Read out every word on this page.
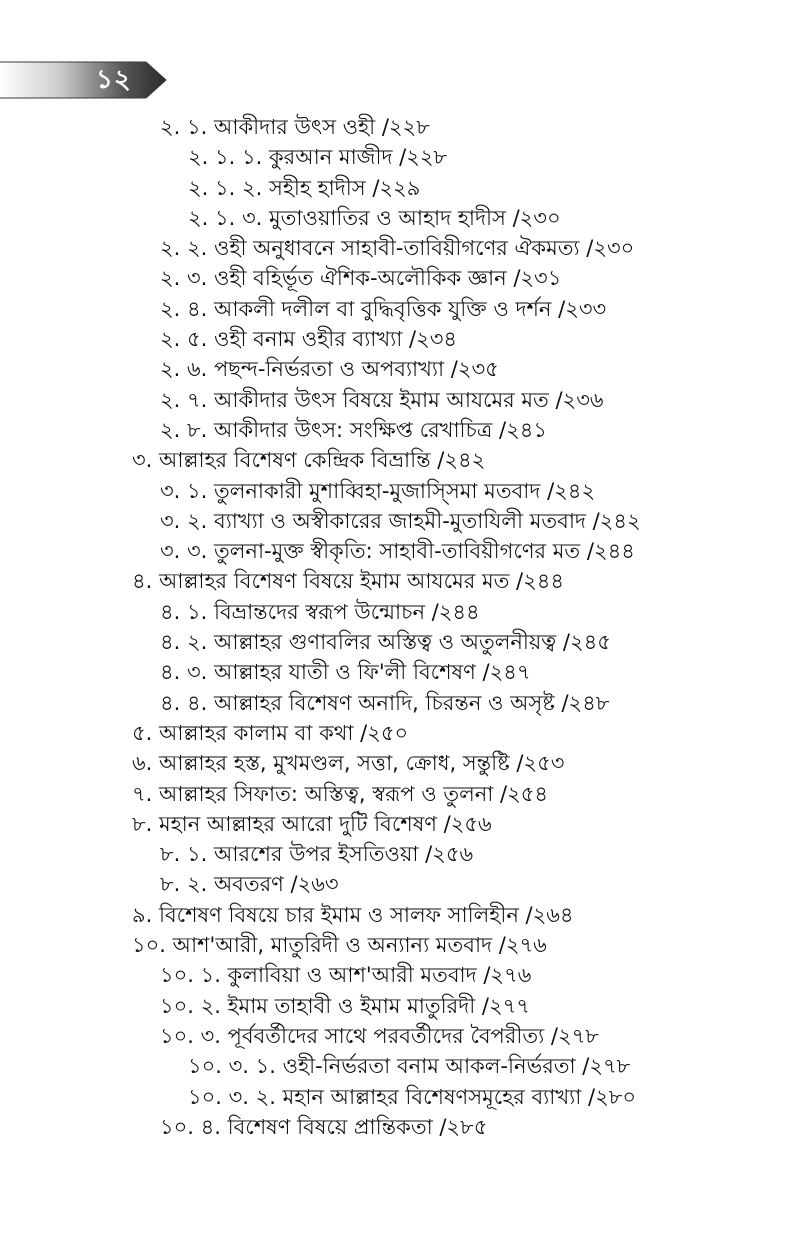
১২
২. ১. আকীদার উৎস ওহী /২২৮
২. ১. ১. কুরআন মাজীদ /২২৮
২. ১. ২. সহীহ হাদীস /২২৯
২. ১. ৩. মুতাওয়াতির ও আহাদ হাদীস /২৩০
২. ২. ওহী অনুধাবনে সাহাবী-তাবিয়ীগণের ঐকমত্য /২৩০
২. ৩. ওহী বহির্ভূত ঐশিক-অলৌকিক জ্ঞান /২৩১
২. ৪. আকলী দলীল বা বুদ্ধিবৃত্তিক যুক্তি ও দর্শন /২৩৩
২. ৫. ওহী বনাম ওহীর ব্যাখ্যা /২৩৪
২. ৬. পছন্দ-নির্ভরতা ও অপব্যাখ্যা /২৩৫
২. ৭. আকীদার উৎস বিষয়ে ইমাম আযমের মত /২৩৬
২. ৮. আকীদার উৎস: সংক্ষিপ্ত রেখাচিত্র /২৪১
৩. আল্লাহর বিশেষণ কেন্দ্রিক বিভ্রান্তি /২৪২
৩. ১. তুলনাকারী মুশাব্বিহা-মুজাস্সিমা মতবাদ /২৪২
৩. ২. ব্যাখ্যা ও অস্বীকারের জাহমী-মুতাযিলী মতবাদ /২৪২
৩. ৩. তুলনা-মুক্ত স্বীকৃতি: সাহাবী-তাবিয়ীগণের মত /২৪৪
৪. আল্লাহর বিশেষণ বিষয়ে ইমাম আযমের মত /২৪৪
৪. ১. বিভ্রান্তদের স্বরূপ উন্মোচন /২৪৪
৪. ২. আল্লাহর গুণাবলির অস্তিত্ব ও অতুলনীয়ত্ব /২৪৫
৪. ৩. আল্লাহর যাতী ও ফি'লী বিশেষণ /২৪৭
৪. ৪. আল্লাহর বিশেষণ অনাদি, চিরন্তন ও অসৃষ্ট /২৪৮
৫. আল্লাহর কালাম বা কথা /২৫০
৬. আল্লাহর হস্ত, মুখমণ্ডল, সত্তা, ক্রোধ, সন্তুষ্টি /২৫৩
৭. আল্লাহর সিফাত: অস্তিত্ব, স্বরূপ ও তুলনা /২৫৪
৮. মহান আল্লাহর আরো দুটি বিশেষণ /২৫৬
৮. ১. আরশের উপর ইসতিওয়া /২৫৬
৮. ২. অবতরণ /২৬৩
৯. বিশেষণ বিষয়ে চার ইমাম ও সালফ সালিহীন /২৬৪
১০. আশ'আরী, মাতুরিদী ও অন্যান্য মতবাদ /২৭৬
১০. ১. কুলাবিয়া ও আশ'আরী মতবাদ /২৭৬
১০. ২. ইমাম তাহাবী ও ইমাম মাতুরিদী /২৭৭
১০. ৩. পূর্ববর্তীদের সাথে পরবর্তীদের বৈপরীত্য /২৭৮
১০. ৩. ১. ওহী-নির্ভরতা বনাম আকল-নির্ভরতা /২৭৮
১০. ৩. ২. মহান আল্লাহর বিশেষণসমূহের ব্যাখ্যা /২৮০
১০. ৪. বিশেষণ বিষয়ে প্রান্তিকতা /২৮৫
